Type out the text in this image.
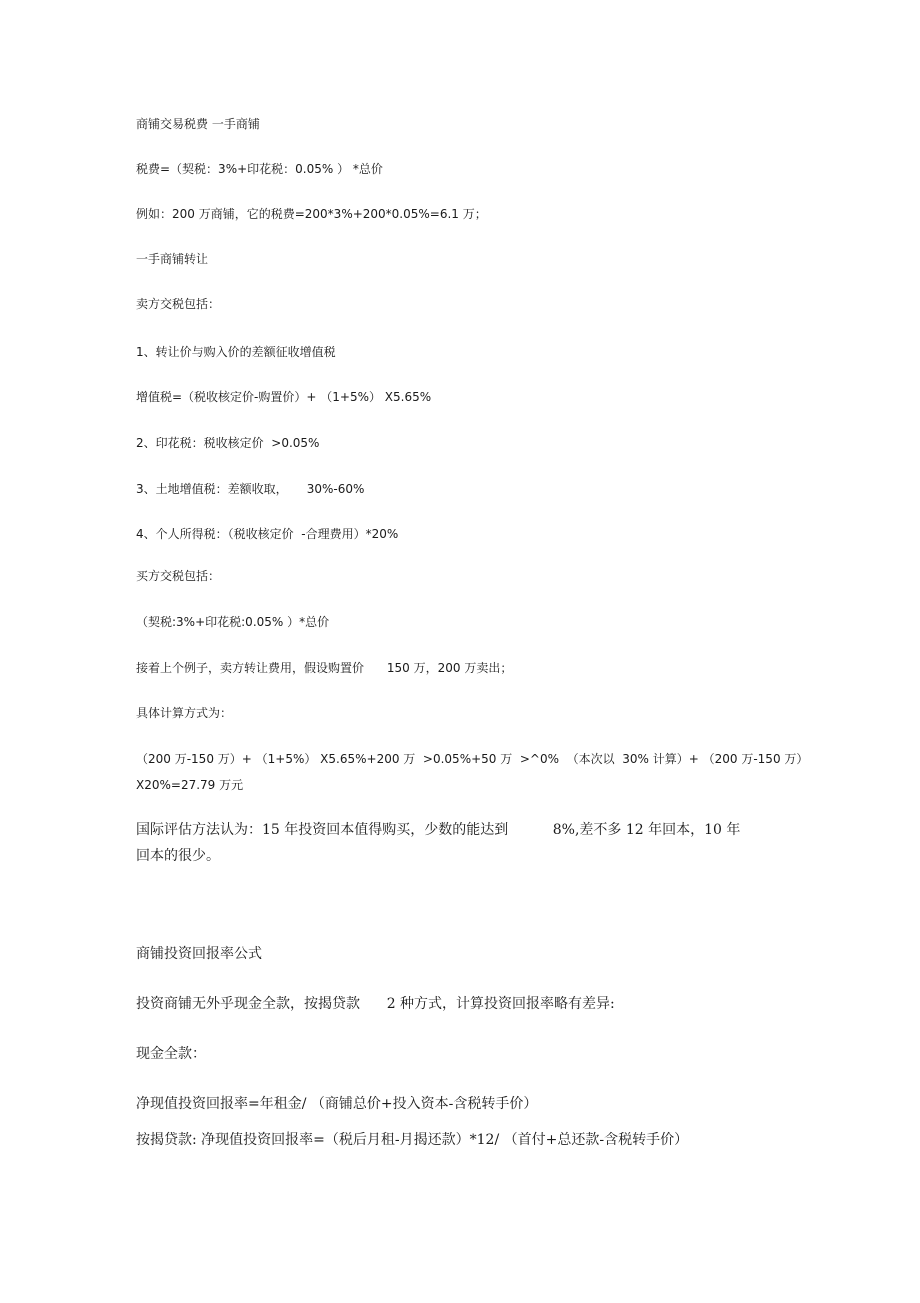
商铺交易税费 一手商铺
税费=（契税：3%+印花税：0.05% ） *总价
例如：200 万商铺，它的税费=200*3%+200*0.05%=6.1 万；
一手商铺转让
卖方交税包括：
1、转让价与购入价的差额征收增值税
增值税=（税收核定价-购置价）+ （1+5%） X5.65%
2、印花税：税收核定价  >0.05%
3、土地增值税：差额收取，     30%-60%
4、个人所得税：（税收核定价  -合理费用）*20%
买方交税包括：
（契税:3%+印花税:0.05% ）*总价
接着上个例子，卖方转让费用，假设购置价      150 万，200 万卖出；
具体计算方式为：
（200 万-150 万）+ （1+5%） X5.65%+200 万  >0.05%+50 万  >^0%  （本次以  30% 计算）+ （200 万-150 万）
X20%=27.79 万元
国际评估方法认为：15 年投资回本值得购买，少数的能达到          8%,差不多 12 年回本，10 年
回本的很少。
商铺投资回报率公式
投资商铺无外乎现金全款，按揭贷款      2 种方式，计算投资回报率略有差异:
现金全款：
净现值投资回报率=年租金/ （商铺总价+投入资本-含税转手价）
按揭贷款: 净现值投资回报率=（税后月租-月揭还款）*12/ （首付+总还款-含税转手价）
